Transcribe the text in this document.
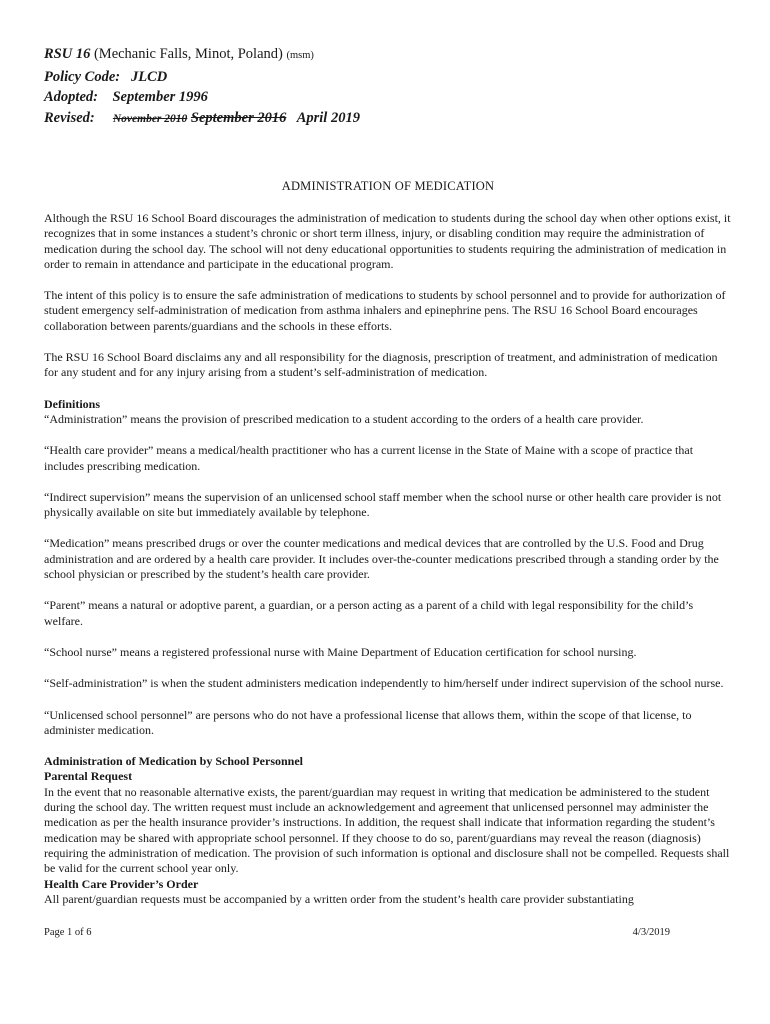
RSU 16 (Mechanic Falls, Minot, Poland) (msm)
Policy Code: JLCD
Adopted: September 1996
Revised: November 2010 September 2016 April 2019
ADMINISTRATION OF MEDICATION

Although the RSU 16 School Board discourages the administration of medication to students during the school day when other options exist, it recognizes that in some instances a student’s chronic or short term illness, injury, or disabling condition may require the administration of medication during the school day. The school will not deny educational opportunities to students requiring the administration of medication in order to remain in attendance and participate in the educational program.

The intent of this policy is to ensure the safe administration of medications to students by school personnel and to provide for authorization of student emergency self-administration of medication from asthma inhalers and epinephrine pens. The RSU 16 School Board encourages collaboration between parents/guardians and the schools in these efforts.

The RSU 16 School Board disclaims any and all responsibility for the diagnosis, prescription of treatment, and administration of medication for any student and for any injury arising from a student’s self-administration of medication.

Definitions

“Administration” means the provision of prescribed medication to a student according to the orders of a health care provider.

“Health care provider” means a medical/health practitioner who has a current license in the State of Maine with a scope of practice that includes prescribing medication.

“Indirect supervision” means the supervision of an unlicensed school staff member when the school nurse or other health care provider is not physically available on site but immediately available by telephone.

“Medication” means prescribed drugs or over the counter medications and medical devices that are controlled by the U.S. Food and Drug administration and are ordered by a health care provider. It includes over-the-counter medications prescribed through a standing order by the school physician or prescribed by the student’s health care provider.

“Parent” means a natural or adoptive parent, a guardian, or a person acting as a parent of a child with legal responsibility for the child’s welfare.

“School nurse” means a registered professional nurse with Maine Department of Education certification for school nursing.

“Self-administration” is when the student administers medication independently to him/herself under indirect supervision of the school nurse.

“Unlicensed school personnel” are persons who do not have a professional license that allows them, within the scope of that license, to administer medication.

Administration of Medication by School Personnel
Parental Request

In the event that no reasonable alternative exists, the parent/guardian may request in writing that medication be administered to the student during the school day. The written request must include an acknowledgement and agreement that unlicensed personnel may administer the medication as per the health insurance provider’s instructions. In addition, the request shall indicate that information regarding the student’s medication may be shared with appropriate school personnel. If they choose to do so, parent/guardians may reveal the reason (diagnosis) requiring the administration of medication. The provision of such information is optional and disclosure shall not be compelled. Requests shall be valid for the current school year only.

Health Care Provider’s Order

All parent/guardian requests must be accompanied by a written order from the student’s health care provider substantiating

Page 1 of 6	4/3/2019
